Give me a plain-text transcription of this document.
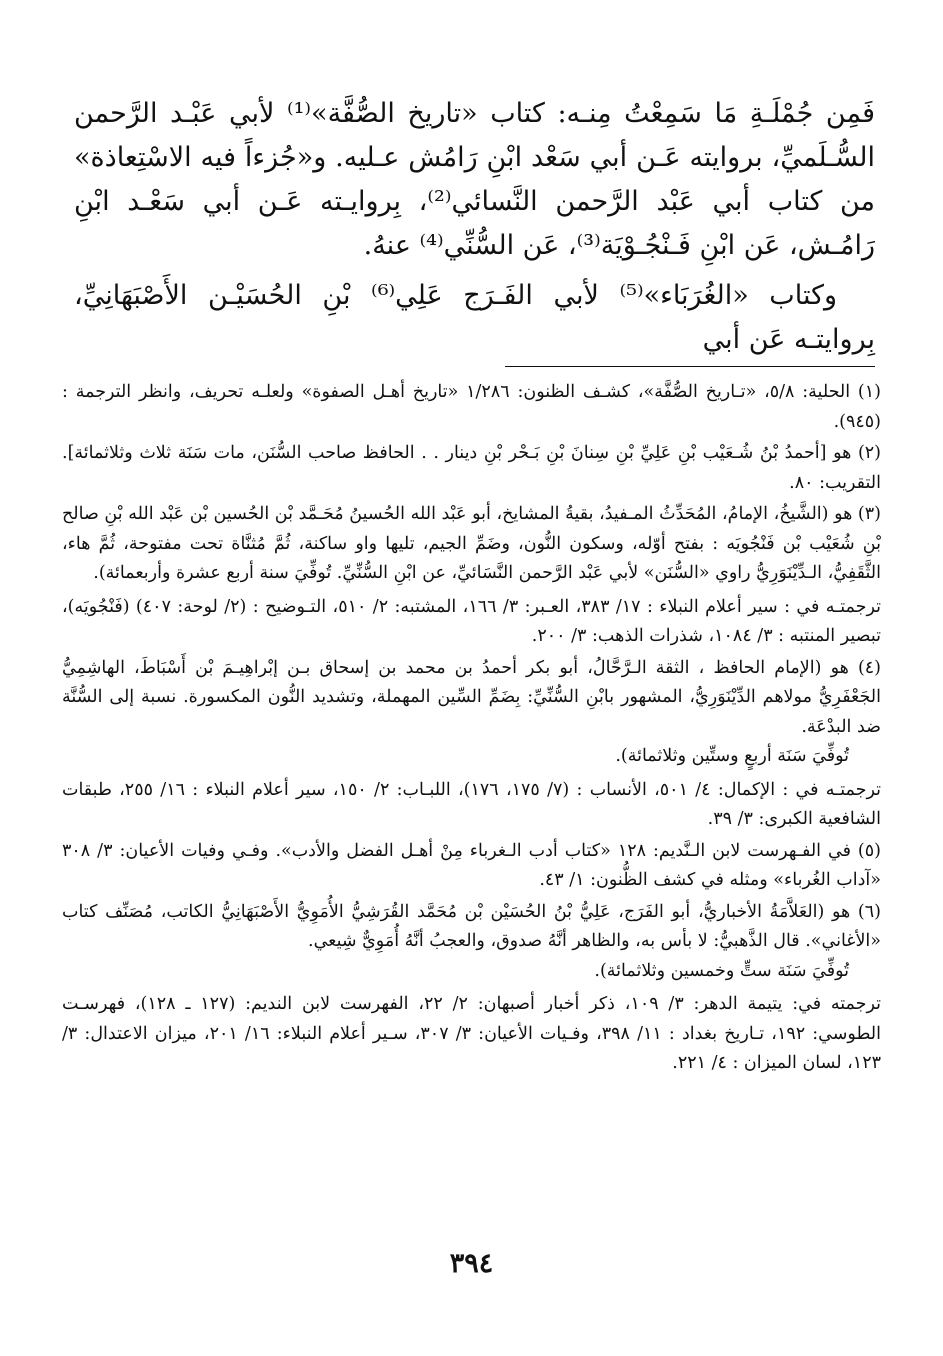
فَمِن جُمْلَـةِ مَا سَمِعْتُ مِنـه: كتاب «تاريخ الصُّفَّة»⁽¹⁾ لأبي عَبْـد الرَّحمن السُّـلَميِّ، بروايته عَـن أبي سَعْد ابْنِ رَامُش عـليه. و«جُزءاً فيه الاسْتِعاذة» من كتاب أبي عَبْد الرَّحمن النَّسائي⁽²⁾، بِروايـته عَـن أبي سَعْـد ابْنِ رَامُـش، عَن ابْنِ فَـنْجُـوْيَة⁽³⁾، عَن السُّنِّي⁽⁴⁾ عنهُ.

وكتاب «الغُرَبَاء»⁽⁵⁾ لأبي الفَـرَج عَلِي⁽⁶⁾ بْنِ الحُسَيْـن الأَصْبَهَانِيِّ، بِروايتـه عَن أبي

(١) الحلية: ٥/٨، «تـاريخ الصُّفَّة»، كشـف الظنون: ١/٢٨٦ «تاريخ أهـل الصفوة» ولعلـه تحريف، وانظر الترجمة : (٩٤٥).
(٢) هو [أحمدُ بْنُ شُـعَيْب بْنِ عَلِيِّ بْنِ سِنانَ بْنِ بَـحْر بْنِ دينار . . الحافظ صاحب السُّنَن، مات سَنَة ثلاث وثلاثمائة]. التقريب: ٨٠.
(٣) هو (الشَّيخُ، الإمامُ، المُحَدِّثُ المـفيدُ، بقيةُ المشايخ، أبو عَبْد الله الحُسينُ مُحَـمَّد بْن الحُسين بْن عَبْد الله بْنِ صالح بْنِ شُعَيْب بْن فَنْجُويَه : بفتح أوّله، وسكون النُّون، وضَمِّ الجيم، تليها واو ساكنة، ثُمَّ مُثنَّاة تحت مفتوحة، ثُمَّ هاء، الثَّقَفِيُّ، الـدِّيْنَوَرِيُّ راوي «السُّنَن» لأبي عَبْد الرَّحمن النَّسَائيِّ، عن ابْنِ السُّنِّيِّ. تُوفِّيَ سنة أربع عشرة وأربعمائة).
ترجمتـه في : سير أعلام النبلاء : ١٧/ ٣٨٣، العـبر: ٣/ ١٦٦، المشتبه: ٢/ ٥١٠، التـوضيح : (٢/ لوحة: ٤٠٧) (فَنْجُويَه)، تبصير المنتبه : ٣/ ١٠٨٤، شذرات الذهب: ٣/ ٢٠٠.
(٤) هو (الإمام الحافظ ، الثقة الـرَّحَّالُ، أبو بكر أحمدُ بن محمد بن إسحاق بـن إبْراهِيـمَ بْن أَسْبَاطَ، الهاشِمِيُّ الجَعْفَرِيُّ مولاهم الدِّيْنَوَرِيُّ، المشهور بابْنِ السُّنِّيِّ: بِضَمِّ السِّين المهملة، وتشديد النُّون المكسورة. نسبة إلى السُّنَّة ضد البدْعَة.
تُوفِّيَ سَنَة أربعٍ وستِّين وثلاثمائة).
ترجمتـه في : الإكمال: ٤/ ٥٠١، الأنساب : (٧/ ١٧٥، ١٧٦)، اللبـاب: ٢/ ١٥٠، سير أعلام النبلاء : ١٦/ ٢٥٥، طبقات الشافعية الكبرى: ٣/ ٣٩.
(٥) في الفـهرست لابن الـنَّديم: ١٢٨ «كتاب أدب الـغرباء مِنْ أهـل الفضل والأدب». وفـي وفيات الأعيان: ٣/ ٣٠٨ «آداب الغُرباء» ومثله في كشف الظُّنون: ١/ ٤٣.
(٦) هو (العَلاَّمَةُ الأخباريُّ، أبو الفَرَج، عَلِيُّ بْنُ الحُسَيْن بْن مُحَمَّد القُرَشِيُّ الأُمَوِيُّ الأَصْبَهَانِيُّ الكاتب، مُصَنِّف كتاب «الأغاني». قال الذَّهبيُّ: لا بأس به، والظاهر أنَّهُ صدوق، والعجبُ أنَّهُ أُمَوِيٌّ شِيعي.
تُوفِّيَ سَنَة ستٍّ وخمسين وثلاثمائة).
ترجمته في: يتيمة الدهر: ٣/ ١٠٩، ذكر أخبار أصبهان: ٢/ ٢٢، الفهرست لابن النديم: (١٢٧ ـ ١٢٨)، فهرسـت الطوسي: ١٩٢، تـاريخ بغداد : ١١/ ٣٩٨، وفـيات الأعيان: ٣/ ٣٠٧، سـير أعلام النبلاء: ١٦/ ٢٠١، ميزان الاعتدال: ٣/ ١٢٣، لسان الميزان : ٤/ ٢٢١.
٣٩٤
